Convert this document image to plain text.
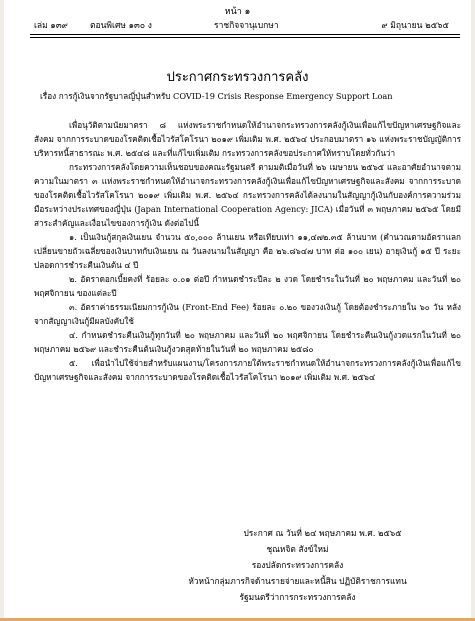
หน้า ๑
เล่ม ๑๓๙	ตอนพิเศษ ๑๓๐ ง	ราชกิจจานุเบกษา	๙ มิถุนายน ๒๕๖๕
ประกาศกระทรวงการคลัง
เรื่อง การกู้เงินจากรัฐบาลญี่ปุ่นสำหรับ COVID-19 Crisis Response Emergency Support Loan

เพื่อนุวัติตามนัยมาตรา ๘ แห่งพระราชกำหนดให้อำนาจกระทรวงการคลังกู้เงินเพื่อแก้ไขปัญหาเศรษฐกิจและสังคม จากการระบาดของโรคติดเชื้อไวรัสโคโรนา ๒๐๑๙ เพิ่มเติม พ.ศ. ๒๕๖๔ ประกอบมาตรา ๑๖ แห่งพระราชบัญญัติการบริหารหนี้สาธารณะ พ.ศ. ๒๕๔๘ และที่แก้ไขเพิ่มเติม กระทรวงการคลังขอประกาศให้ทราบโดยทั่วกันว่า

กระทรวงการคลังโดยความเห็นชอบของคณะรัฐมนตรี ตามมติเมื่อวันที่ ๒๖ เมษายน ๒๕๖๕ และอาศัยอำนาจตามความในมาตรา ๓ แห่งพระราชกำหนดให้อำนาจกระทรวงการคลังกู้เงินเพื่อแก้ไขปัญหาเศรษฐกิจและสังคม จากการระบาดของโรคติดเชื้อไวรัสโคโรนา ๒๐๑๙ เพิ่มเติม พ.ศ. ๒๕๖๔ กระทรวงการคลังได้ลงนามในสัญญากู้เงินกับองค์การความร่วมมือระหว่างประเทศของญี่ปุ่น (Japan International Cooperation Agency: JICA) เมื่อวันที่ ๓ พฤษภาคม ๒๕๖๕ โดยมีสาระสำคัญและเงื่อนไขของการกู้เงิน ดังต่อไปนี้

๑. เป็นเงินกู้สกุลเงินเยน จำนวน ๕๐,๐๐๐ ล้านเยน หรือเทียบเท่า ๑๑,๔๗๒.๓๕ ล้านบาท (คำนวณตามอัตราแลกเปลี่ยนขายถัวเฉลี่ยของเงินบาทกับเงินเยน ณ วันลงนามในสัญญา คือ ๒๖.๘๖๔๗ บาท ต่อ ๑๐๐ เยน) อายุเงินกู้ ๑๕ ปี ระยะปลอดการชำระคืนเงินต้น ๔ ปี

๒. อัตราดอกเบี้ยคงที่ ร้อยละ ๐.๐๑ ต่อปี กำหนดชำระปีละ ๒ งวด โดยชำระในวันที่ ๒๐ พฤษภาคม และวันที่ ๒๐ พฤศจิกายน ของแต่ละปี

๓. อัตราค่าธรรมเนียมการกู้เงิน (Front-End Fee) ร้อยละ ๐.๒๐ ของวงเงินกู้ โดยต้องชำระภายใน ๖๐ วัน หลังจากสัญญาเงินกู้มีผลบังคับใช้

๔. กำหนดชำระคืนเงินกู้ทุกวันที่ ๒๐ พฤษภาคม และวันที่ ๒๐ พฤศจิกายน โดยชำระคืนเงินกู้งวดแรกในวันที่ ๒๐ พฤษภาคม ๒๕๖๙ และชำระคืนต้นเงินกู้งวดสุดท้ายในวันที่ ๒๐ พฤษภาคม ๒๕๘๐

๕. เพื่อนำไปใช้จ่ายสำหรับแผนงาน/โครงการภายใต้พระราชกำหนดให้อำนาจกระทรวงการคลังกู้เงินเพื่อแก้ไขปัญหาเศรษฐกิจและสังคม จากการระบาดของโรคติดเชื้อไวรัสโคโรนา ๒๐๑๙ เพิ่มเติม พ.ศ. ๒๕๖๔

ประกาศ ณ วันที่ ๒๔ พฤษภาคม พ.ศ. ๒๕๖๕
ชุณหจิต สังข์ใหม่
รองปลัดกระทรวงการคลัง
หัวหน้ากลุ่มภารกิจด้านรายจ่ายและหนี้สิน ปฏิบัติราชการแทน
รัฐมนตรีว่าการกระทรวงการคลัง
